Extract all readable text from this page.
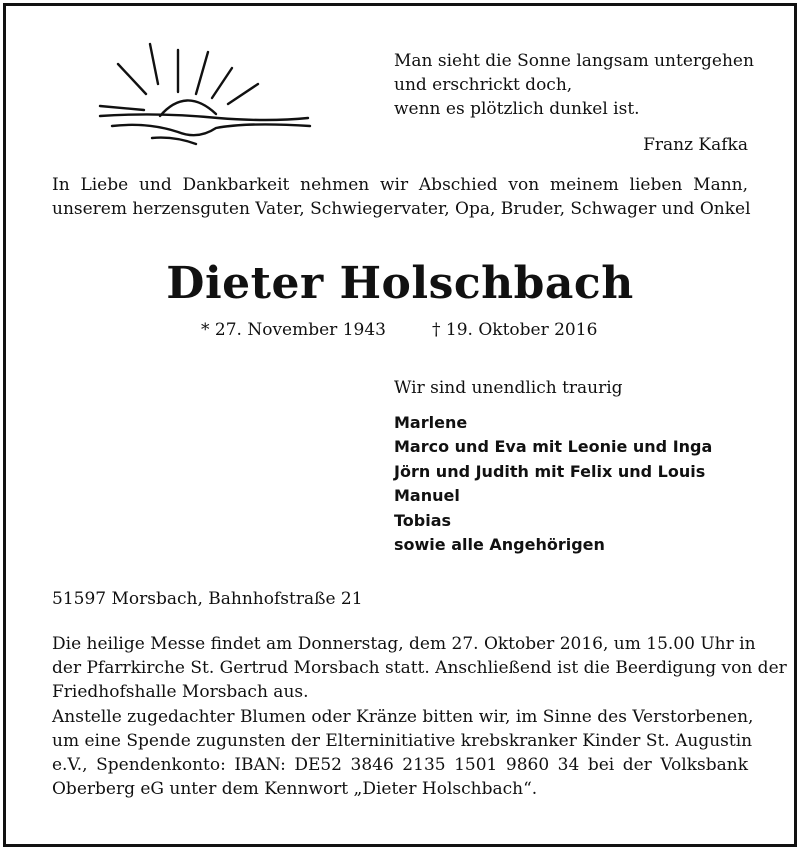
Man sieht die Sonne langsam untergehen
und erschrickt doch,
wenn es plötzlich dunkel ist.
Franz Kafka
In Liebe und Dankbarkeit nehmen wir Abschied von meinem lieben Mann,
unserem herzensguten Vater, Schwiegervater, Opa, Bruder, Schwager und Onkel
Dieter Holschbach
* 27. November 1943	† 19. Oktober 2016
Wir sind unendlich traurig
Marlene
Marco und Eva mit Leonie und Inga
Jörn und Judith mit Felix und Louis
Manuel
Tobias
sowie alle Angehörigen
51597 Morsbach, Bahnhofstraße 21
Die heilige Messe findet am Donnerstag, dem 27. Oktober 2016, um 15.00 Uhr in
der Pfarrkirche St. Gertrud Morsbach statt. Anschließend ist die Beerdigung von der
Friedhofshalle Morsbach aus.
Anstelle zugedachter Blumen oder Kränze bitten wir, im Sinne des Verstorbenen,
um eine Spende zugunsten der Elterninitiative krebskranker Kinder St. Augustin
e.V., Spendenkonto: IBAN: DE52 3846 2135 1501 9860 34 bei der Volksbank
Oberberg eG unter dem Kennwort „Dieter Holschbach“.
